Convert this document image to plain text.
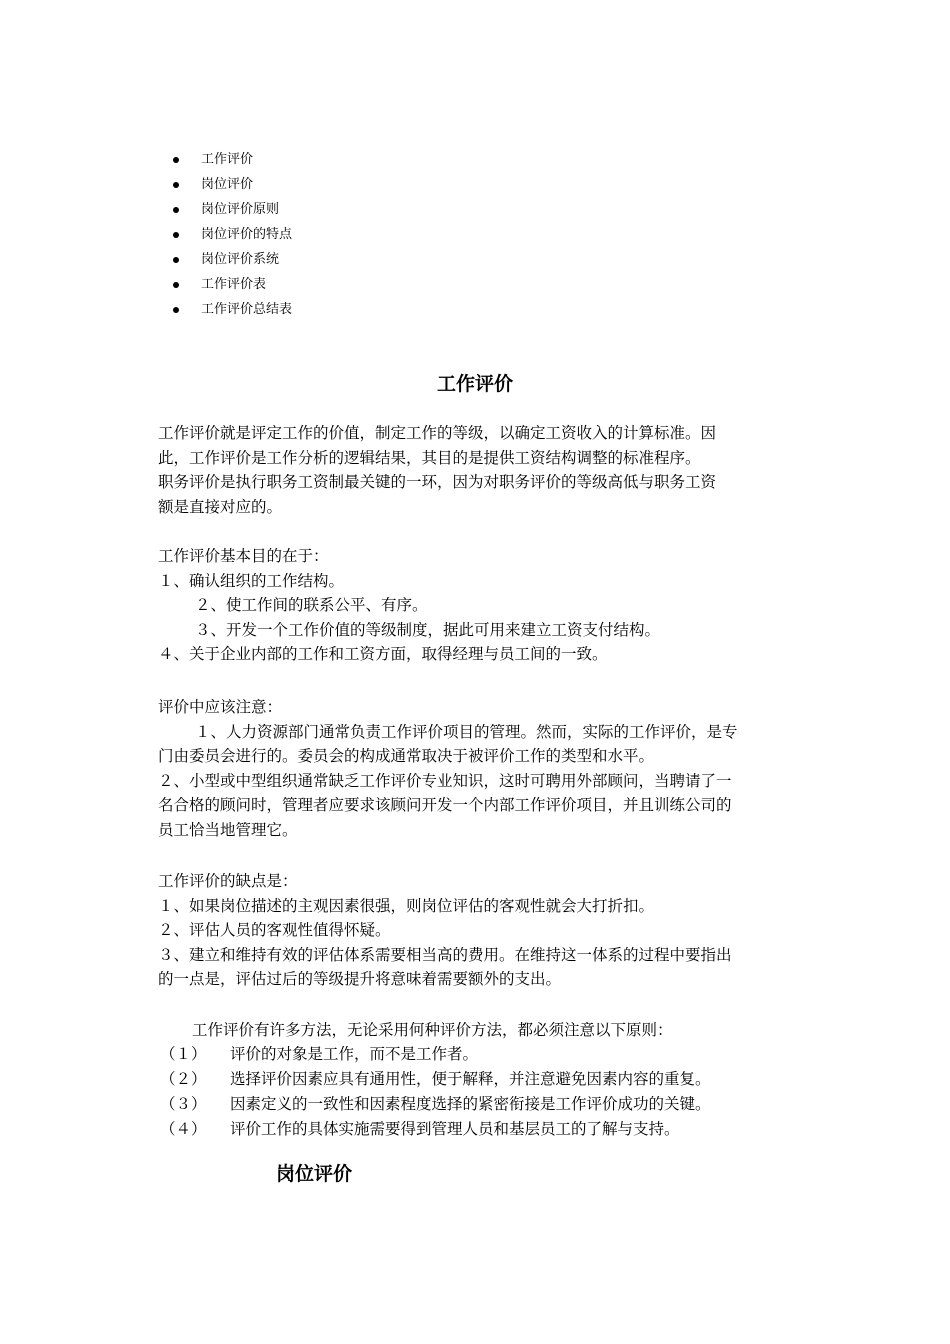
工作评价
岗位评价
岗位评价原则
岗位评价的特点
岗位评价系统
工作评价表
工作评价总结表
工作评价
工作评价就是评定工作的价值，制定工作的等级，以确定工资收入的计算标准。因
此，工作评价是工作分析的逻辑结果，其目的是提供工资结构调整的标准程序。
职务评价是执行职务工资制最关键的一环，因为对职务评价的等级高低与职务工资
额是直接对应的。
工作评价基本目的在于：
１、确认组织的工作结构。
２、使工作间的联系公平、有序。
３、开发一个工作价值的等级制度，据此可用来建立工资支付结构。
４、关于企业内部的工作和工资方面，取得经理与员工间的一致。
评价中应该注意：
１、人力资源部门通常负责工作评价项目的管理。然而，实际的工作评价，是专
门由委员会进行的。委员会的构成通常取决于被评价工作的类型和水平。
２、小型或中型组织通常缺乏工作评价专业知识，这时可聘用外部顾问，当聘请了一
名合格的顾问时，管理者应要求该顾问开发一个内部工作评价项目，并且训练公司的
员工恰当地管理它。
工作评价的缺点是：
１、如果岗位描述的主观因素很强，则岗位评估的客观性就会大打折扣。
２、评估人员的客观性值得怀疑。
３、建立和维持有效的评估体系需要相当高的费用。在维持这一体系的过程中要指出
的一点是，评估过后的等级提升将意味着需要额外的支出。
工作评价有许多方法，无论采用何种评价方法，都必须注意以下原则：
（１） 评价的对象是工作，而不是工作者。
（２） 选择评价因素应具有通用性，便于解释，并注意避免因素内容的重复。
（３） 因素定义的一致性和因素程度选择的紧密衔接是工作评价成功的关键。
（４） 评价工作的具体实施需要得到管理人员和基层员工的了解与支持。
岗位评价
